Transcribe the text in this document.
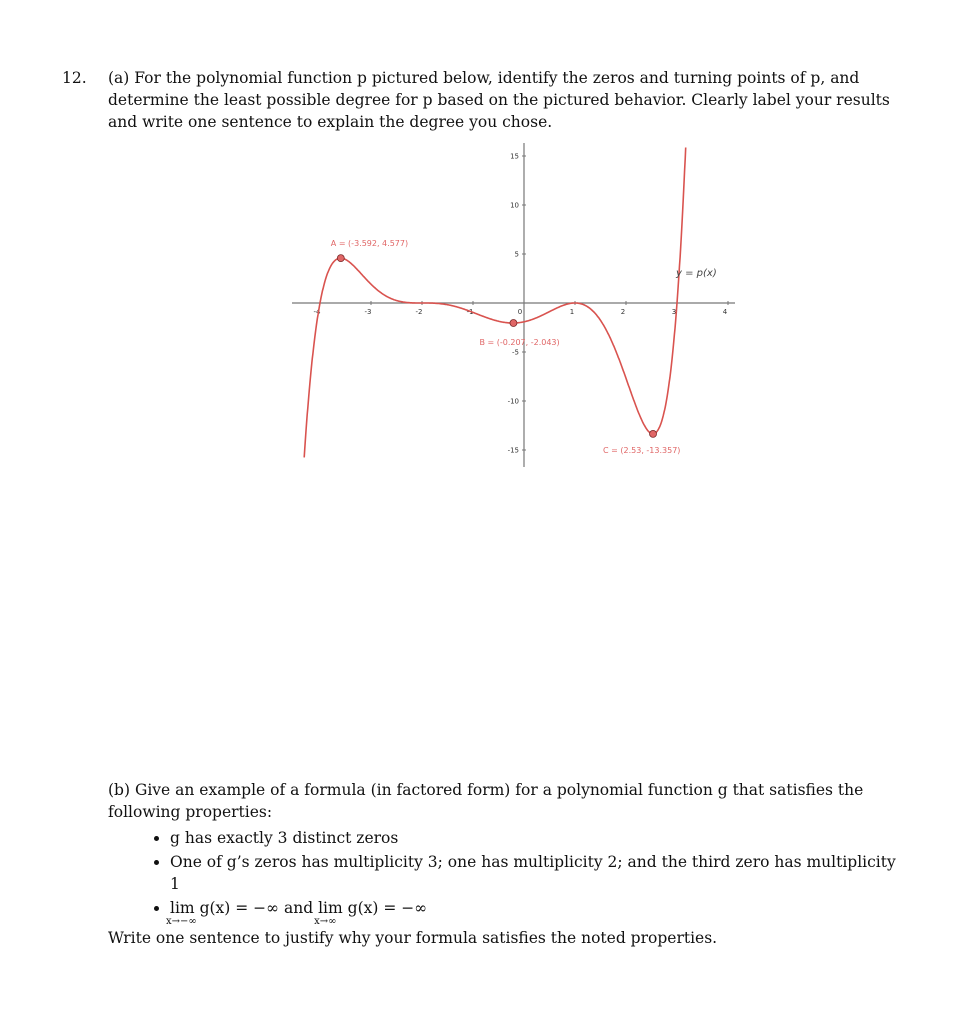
12. (a) For the polynomial function p pictured below, identify the zeros and turning points of p, and determine the least possible degree for p based on the pictured behavior. Clearly label your results and write one sentence to explain the degree you chose.
-4	-3	-2	-1	0	1	2	3	4
15
10
5
-5
-10
-15
A = (-3.592, 4.577)
B = (-0.207, -2.043)
C = (2.53, -13.357)
y = p(x)
(b) Give an example of a formula (in factored form) for a polynomial function g that satisfies the following properties:
• g has exactly 3 distinct zeros
• One of g’s zeros has multiplicity 3; one has multiplicity 2; and the third zero has multiplicity 1
• lim
x→−∞
g(x) = −∞ and lim
x→∞
g(x) = −∞
Write one sentence to justify why your formula satisfies the noted properties.
